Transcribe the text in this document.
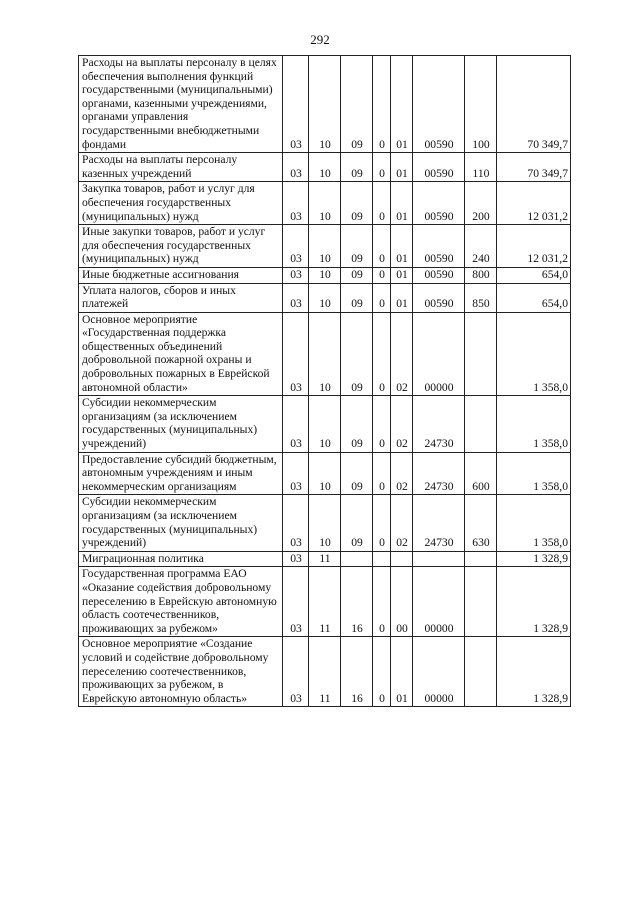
292
Расходы на выплаты персоналу в целях обеспечения выполнения функций государственными (муниципальными) органами, казенными учреждениями, органами управления государственными внебюджетными фондами	03	10	09	0	01	00590	100	70 349,7
Расходы на выплаты персоналу казенных учреждений	03	10	09	0	01	00590	110	70 349,7
Закупка товаров, работ и услуг для обеспечения государственных (муниципальных) нужд	03	10	09	0	01	00590	200	12 031,2
Иные закупки товаров, работ и услуг для обеспечения государственных (муниципальных) нужд	03	10	09	0	01	00590	240	12 031,2
Иные бюджетные ассигнования	03	10	09	0	01	00590	800	654,0
Уплата налогов, сборов и иных платежей	03	10	09	0	01	00590	850	654,0
Основное мероприятие «Государственная поддержка общественных объединений добровольной пожарной охраны и добровольных пожарных в Еврейской автономной области»	03	10	09	0	02	00000		1 358,0
Субсидии некоммерческим организациям (за исключением государственных (муниципальных) учреждений)	03	10	09	0	02	24730		1 358,0
Предоставление субсидий бюджетным, автономным учреждениям и иным некоммерческим организациям	03	10	09	0	02	24730	600	1 358,0
Субсидии некоммерческим организациям (за исключением государственных (муниципальных) учреждений)	03	10	09	0	02	24730	630	1 358,0
Миграционная политика	03	11						1 328,9
Государственная программа ЕАО «Оказание содействия добровольному переселению в Еврейскую автономную область соотечественников, проживающих за рубежом»	03	11	16	0	00	00000		1 328,9
Основное мероприятие «Создание условий и содействие добровольному переселению соотечественников, проживающих за рубежом, в Еврейскую автономную область»	03	11	16	0	01	00000		1 328,9
